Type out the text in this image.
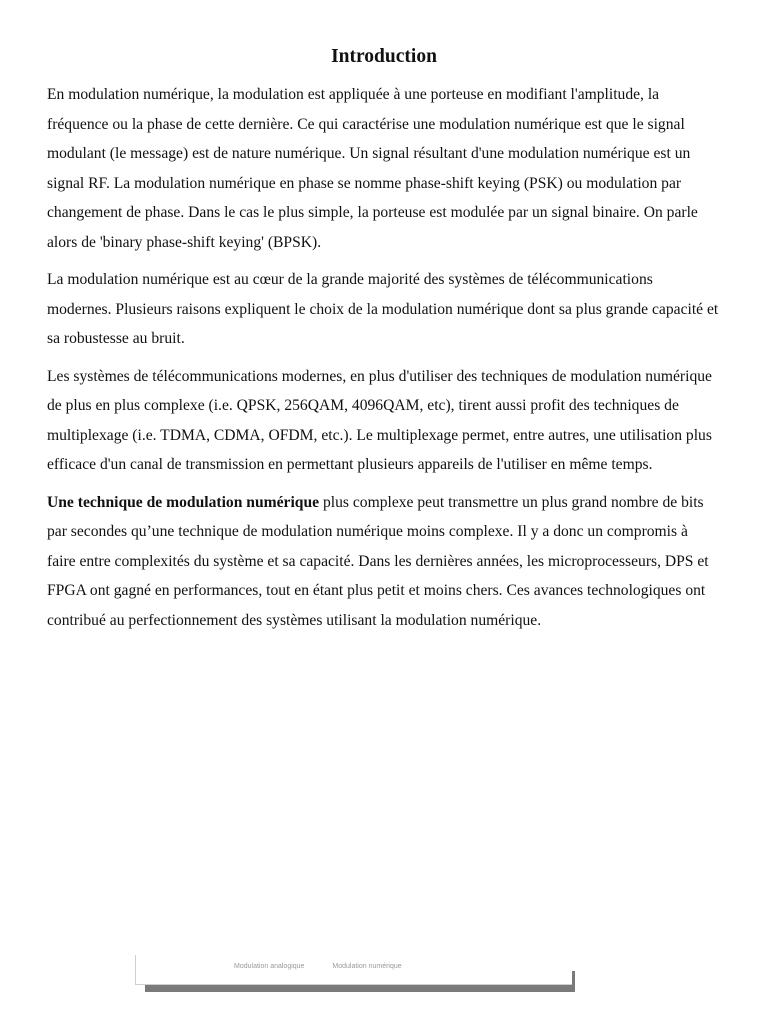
Introduction

En modulation numérique, la modulation est appliquée à une porteuse en modifiant l'amplitude, la fréquence ou la phase de cette dernière. Ce qui caractérise une modulation numérique est que le signal modulant (le message) est de nature numérique. Un signal résultant d'une modulation numérique est un signal RF. La modulation numérique en phase se nomme phase-shift keying (PSK) ou modulation par changement de phase. Dans le cas le plus simple, la porteuse est modulée par un signal binaire. On parle alors de 'binary phase-shift keying' (BPSK).

La modulation numérique est au cœur de la grande majorité des systèmes de télécommunications modernes. Plusieurs raisons expliquent le choix de la modulation numérique dont sa plus grande capacité et sa robustesse au bruit.

Les systèmes de télécommunications modernes, en plus d'utiliser des techniques de modulation numérique de plus en plus complexe (i.e. QPSK, 256QAM, 4096QAM, etc), tirent aussi profit des techniques de multiplexage (i.e. TDMA, CDMA, OFDM, etc.). Le multiplexage permet, entre autres, une utilisation plus efficace d'un canal de transmission en permettant plusieurs appareils de l'utiliser en même temps.

Une technique de modulation numérique plus complexe peut transmettre un plus grand nombre de bits par secondes qu’une technique de modulation numérique moins complexe. Il y a donc un compromis à faire entre complexités du système et sa capacité. Dans les dernières années, les microprocesseurs, DPS et FPGA ont gagné en performances, tout en étant plus petit et moins chers. Ces avances technologiques ont contribué au perfectionnement des systèmes utilisant la modulation numérique.

Modulation analogique	Modulation numérique
